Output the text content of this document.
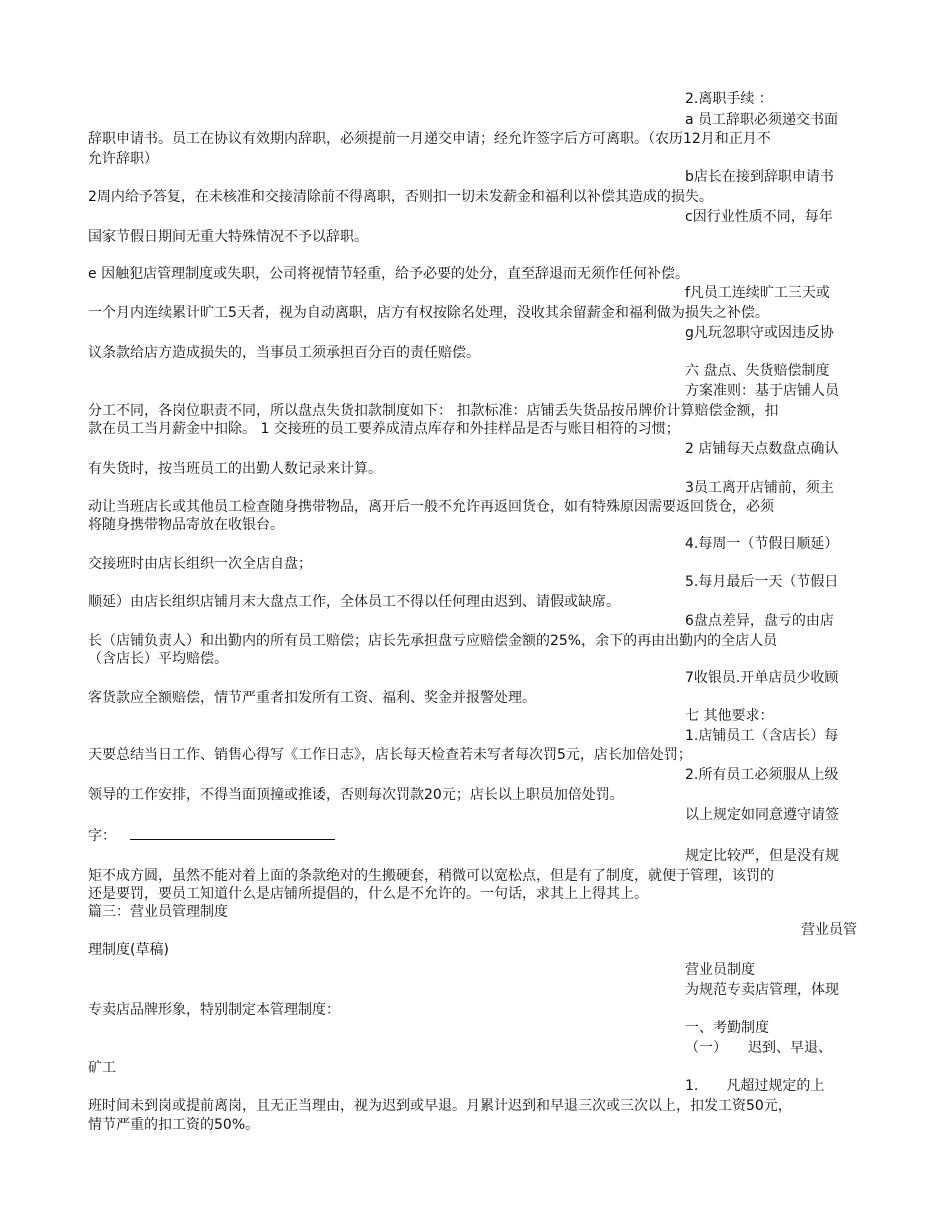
2.离职手续 ：
a 员工辞职必须递交书面
辞职申请书。员工在协议有效期内辞职，必须提前一月递交申请；经允许签字后方可离职。（农历12月和正月不
允许辞职）
b店长在接到辞职申请书
2周内给予答复，在未核准和交接清除前不得离职，否则扣一切未发薪金和福利以补偿其造成的损失。
c因行业性质不同，每年
国家节假日期间无重大特殊情况不予以辞职。
e 因触犯店管理制度或失职，公司将视情节轻重，给予必要的处分，直至辞退而无须作任何补偿。
f凡员工连续旷工三天或
一个月内连续累计旷工5天者，视为自动离职，店方有权按除名处理，没收其余留薪金和福利做为损失之补偿。
g凡玩忽职守或因违反协
议条款给店方造成损失的，当事员工须承担百分百的责任赔偿。
六 盘点、失货赔偿制度
方案准则：基于店铺人员
分工不同，各岗位职责不同，所以盘点失货扣款制度如下： 扣款标准：店铺丢失货品按吊牌价计算赔偿金额，扣
款在员工当月薪金中扣除。 1 交接班的员工要养成清点库存和外挂样品是否与账目相符的习惯；
2 店铺每天点数盘点确认
有失货时，按当班员工的出勤人数记录来计算。
3员工离开店铺前，须主
动让当班店长或其他员工检查随身携带物品，离开后一般不允许再返回货仓，如有特殊原因需要返回货仓，必须
将随身携带物品寄放在收银台。
4.每周一（节假日顺延）
交接班时由店长组织一次全店自盘；
5.每月最后一天（节假日
顺延）由店长组织店铺月末大盘点工作，全体员工不得以任何理由迟到、请假或缺席。
6盘点差异，盘亏的由店
长（店铺负责人）和出勤内的所有员工赔偿；店长先承担盘亏应赔偿金额的25%，余下的再由出勤内的全店人员
（含店长）平均赔偿。
7收银员.开单店员少收顾
客货款应全额赔偿，情节严重者扣发所有工资、福利、奖金并报警处理。
七 其他要求：
1.店铺员工（含店长）每
天要总结当日工作、销售心得写《工作日志》，店长每天检查若未写者每次罚5元，店长加倍处罚；
2.所有员工必须服从上级
领导的工作安排，不得当面顶撞或推诿，否则每次罚款20元；店长以上职员加倍处罚。
以上规定如同意遵守请签
字：
规定比较严，但是没有规
矩不成方圆，虽然不能对着上面的条款绝对的生搬硬套，稍微可以宽松点，但是有了制度，就便于管理，该罚的
还是要罚，要员工知道什么是店铺所提倡的，什么是不允许的。一句话，求其上上得其上。
篇三：营业员管理制度
营业员管
理制度(草稿)
营业员制度
为规范专卖店管理，体现
专卖店品牌形象，特别制定本管理制度：
一、考勤制度
（一）　　迟到、早退、
矿工
1.　　凡超过规定的上
班时间未到岗或提前离岗，且无正当理由，视为迟到或早退。月累计迟到和早退三次或三次以上，扣发工资50元，
情节严重的扣工资的50%。
